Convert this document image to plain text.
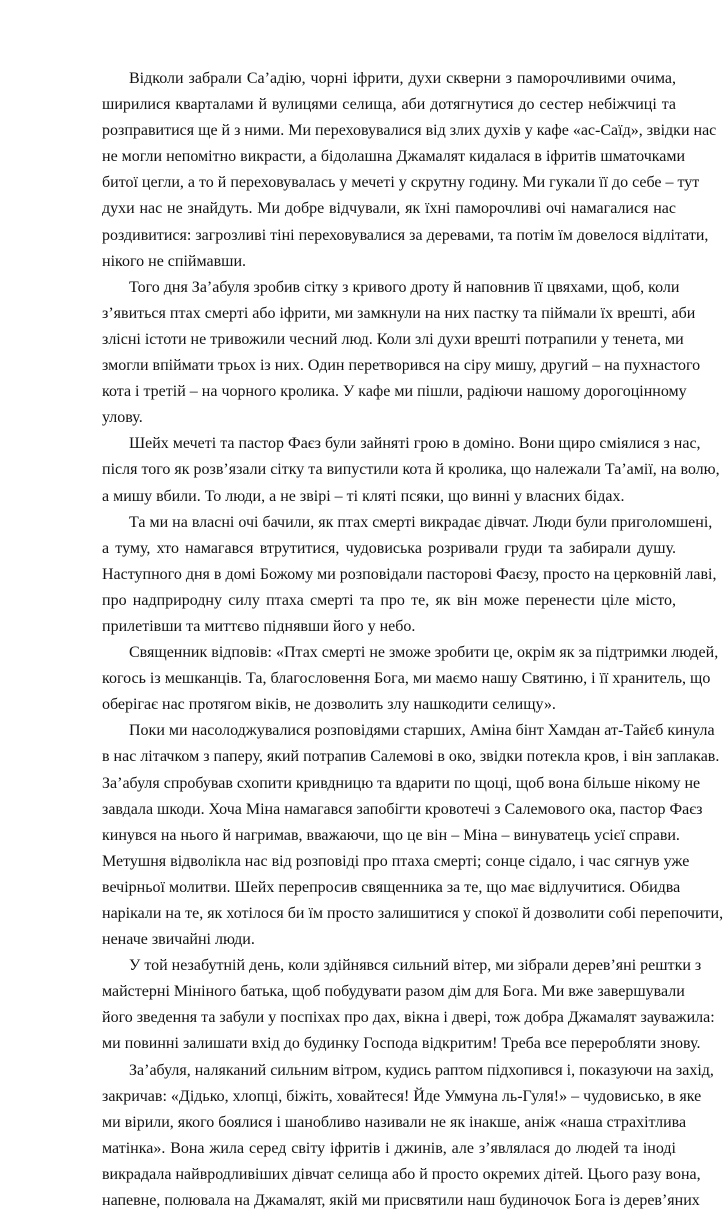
Відколи забрали Са’адію, чорні іфрити, духи скверни з паморочливими очима,
ширилися кварталами й вулицями селища, аби дотягнутися до сестер небіжчиці та
розправитися ще й з ними. Ми переховувалися від злих духів у кафе «ас-Саїд», звідки нас
не могли непомітно викрасти, а бідолашна Джамалят кидалася в іфритів шматочками
битої цегли, а то й переховувалась у мечеті у скрутну годину. Ми гукали її до себе – тут
духи нас не знайдуть. Ми добре відчували, як їхні паморочливі очі намагалися нас
роздивитися: загрозливі тіні переховувалися за деревами, та потім їм довелося відлітати,
нікого не спіймавши.
Того дня За’абуля зробив сітку з кривого дроту й наповнив її цвяхами, щоб, коли
з’явиться птах смерті або іфрити, ми замкнули на них пастку та піймали їх врешті, аби
злісні істоти не тривожили чесний люд. Коли злі духи врешті потрапили у тенета, ми
змогли впіймати трьох із них. Один перетворився на сіру мишу, другий – на пухнастого
кота і третій – на чорного кролика. У кафе ми пішли, радіючи нашому дорогоцінному
улову.
Шейх мечеті та пастор Фаєз були зайняті грою в доміно. Вони щиро сміялися з нас,
після того як розв’язали сітку та випустили кота й кролика, що належали Та’амії, на волю,
а мишу вбили. То люди, а не звірі – ті кляті псяки, що винні у власних бідах.
Та ми на власні очі бачили, як птах смерті викрадає дівчат. Люди були приголомшені,
а туму, хто намагався втрутитися, чудовиська розривали груди та забирали душу.
Наступного дня в домі Божому ми розповідали пасторові Фаєзу, просто на церковній лаві,
про надприродну силу птаха смерті та про те, як він може перенести ціле місто,
прилетівши та миттєво піднявши його у небо.
Священник відповів: «Птах смерті не зможе зробити це, окрім як за підтримки людей,
когось із мешканців. Та, благословення Бога, ми маємо нашу Святиню, і її хранитель, що
оберігає нас протягом віків, не дозволить злу нашкодити селищу».
Поки ми насолоджувалися розповідями старших, Аміна бінт Хамдан ат-Тайєб кинула
в нас літачком з паперу, який потрапив Салемові в око, звідки потекла кров, і він заплакав.
За’абуля спробував схопити кривдницю та вдарити по щоці, щоб вона більше нікому не
завдала шкоди. Хоча Міна намагався запобігти кровотечі з Салемового ока, пастор Фаєз
кинувся на нього й нагримав, вважаючи, що це він – Міна – винуватець усієї справи.
Метушня відволікла нас від розповіді про птаха смерті; сонце сідало, і час сягнув уже
вечірньої молитви. Шейх перепросив священника за те, що має відлучитися. Обидва
нарікали на те, як хотілося би їм просто залишитися у спокої й дозволити собі перепочити,
неначе звичайні люди.
У той незабутній день, коли здійнявся сильний вітер, ми зібрали дерев’яні рештки з
майстерні Мініного батька, щоб побудувати разом дім для Бога. Ми вже завершували
його зведення та забули у поспіхах про дах, вікна і двері, тож добра Джамалят зауважила:
ми повинні залишати вхід до будинку Господа відкритим! Треба все переробляти знову.
За’абуля, наляканий сильним вітром, кудись раптом підхопився і, показуючи на захід,
закричав: «Дідько, хлопці, біжіть, ховайтеся! Йде Уммуна ль-Гуля!» – чудовисько, в яке
ми вірили, якого боялися і шанобливо називали не як інакше, аніж «наша страхітлива
матінка». Вона жила серед світу іфритів і джинів, але з’являлася до людей та іноді
викрадала найвродливіших дівчат селища або й просто окремих дітей. Цього разу вона,
напевне, полювала на Джамалят, якій ми присвятили наш будиночок Бога із дерев’яних
